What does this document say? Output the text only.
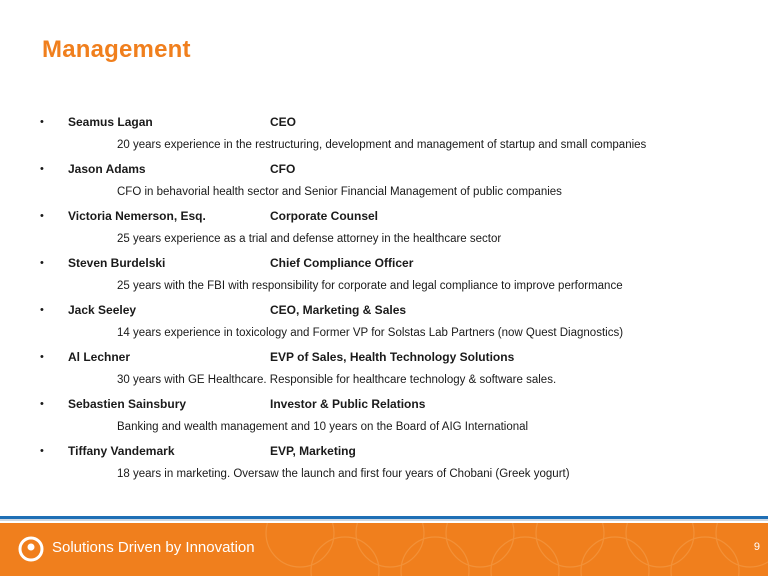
Management
• Seamus Lagan	CEO
20 years experience in the restructuring, development and management of startup and small companies
• Jason Adams	CFO
CFO in behavorial health sector and Senior Financial Management of public companies
• Victoria Nemerson, Esq.	Corporate Counsel
25 years experience as a trial and defense attorney in the healthcare sector
• Steven Burdelski	Chief Compliance Officer
25 years with the FBI with responsibility for corporate and legal compliance to improve performance
• Jack Seeley	CEO, Marketing & Sales
14 years experience in toxicology and Former VP for Solstas Lab Partners (now Quest Diagnostics)
• Al Lechner	EVP of Sales, Health Technology Solutions
30 years with GE Healthcare. Responsible for healthcare technology & software sales.
• Sebastien Sainsbury	Investor & Public Relations
Banking and wealth management and 10 years on the Board of AIG International
• Tiffany Vandemark	EVP, Marketing
18 years in marketing. Oversaw the launch and first four years of Chobani (Greek yogurt)
Solutions Driven by Innovation	9
